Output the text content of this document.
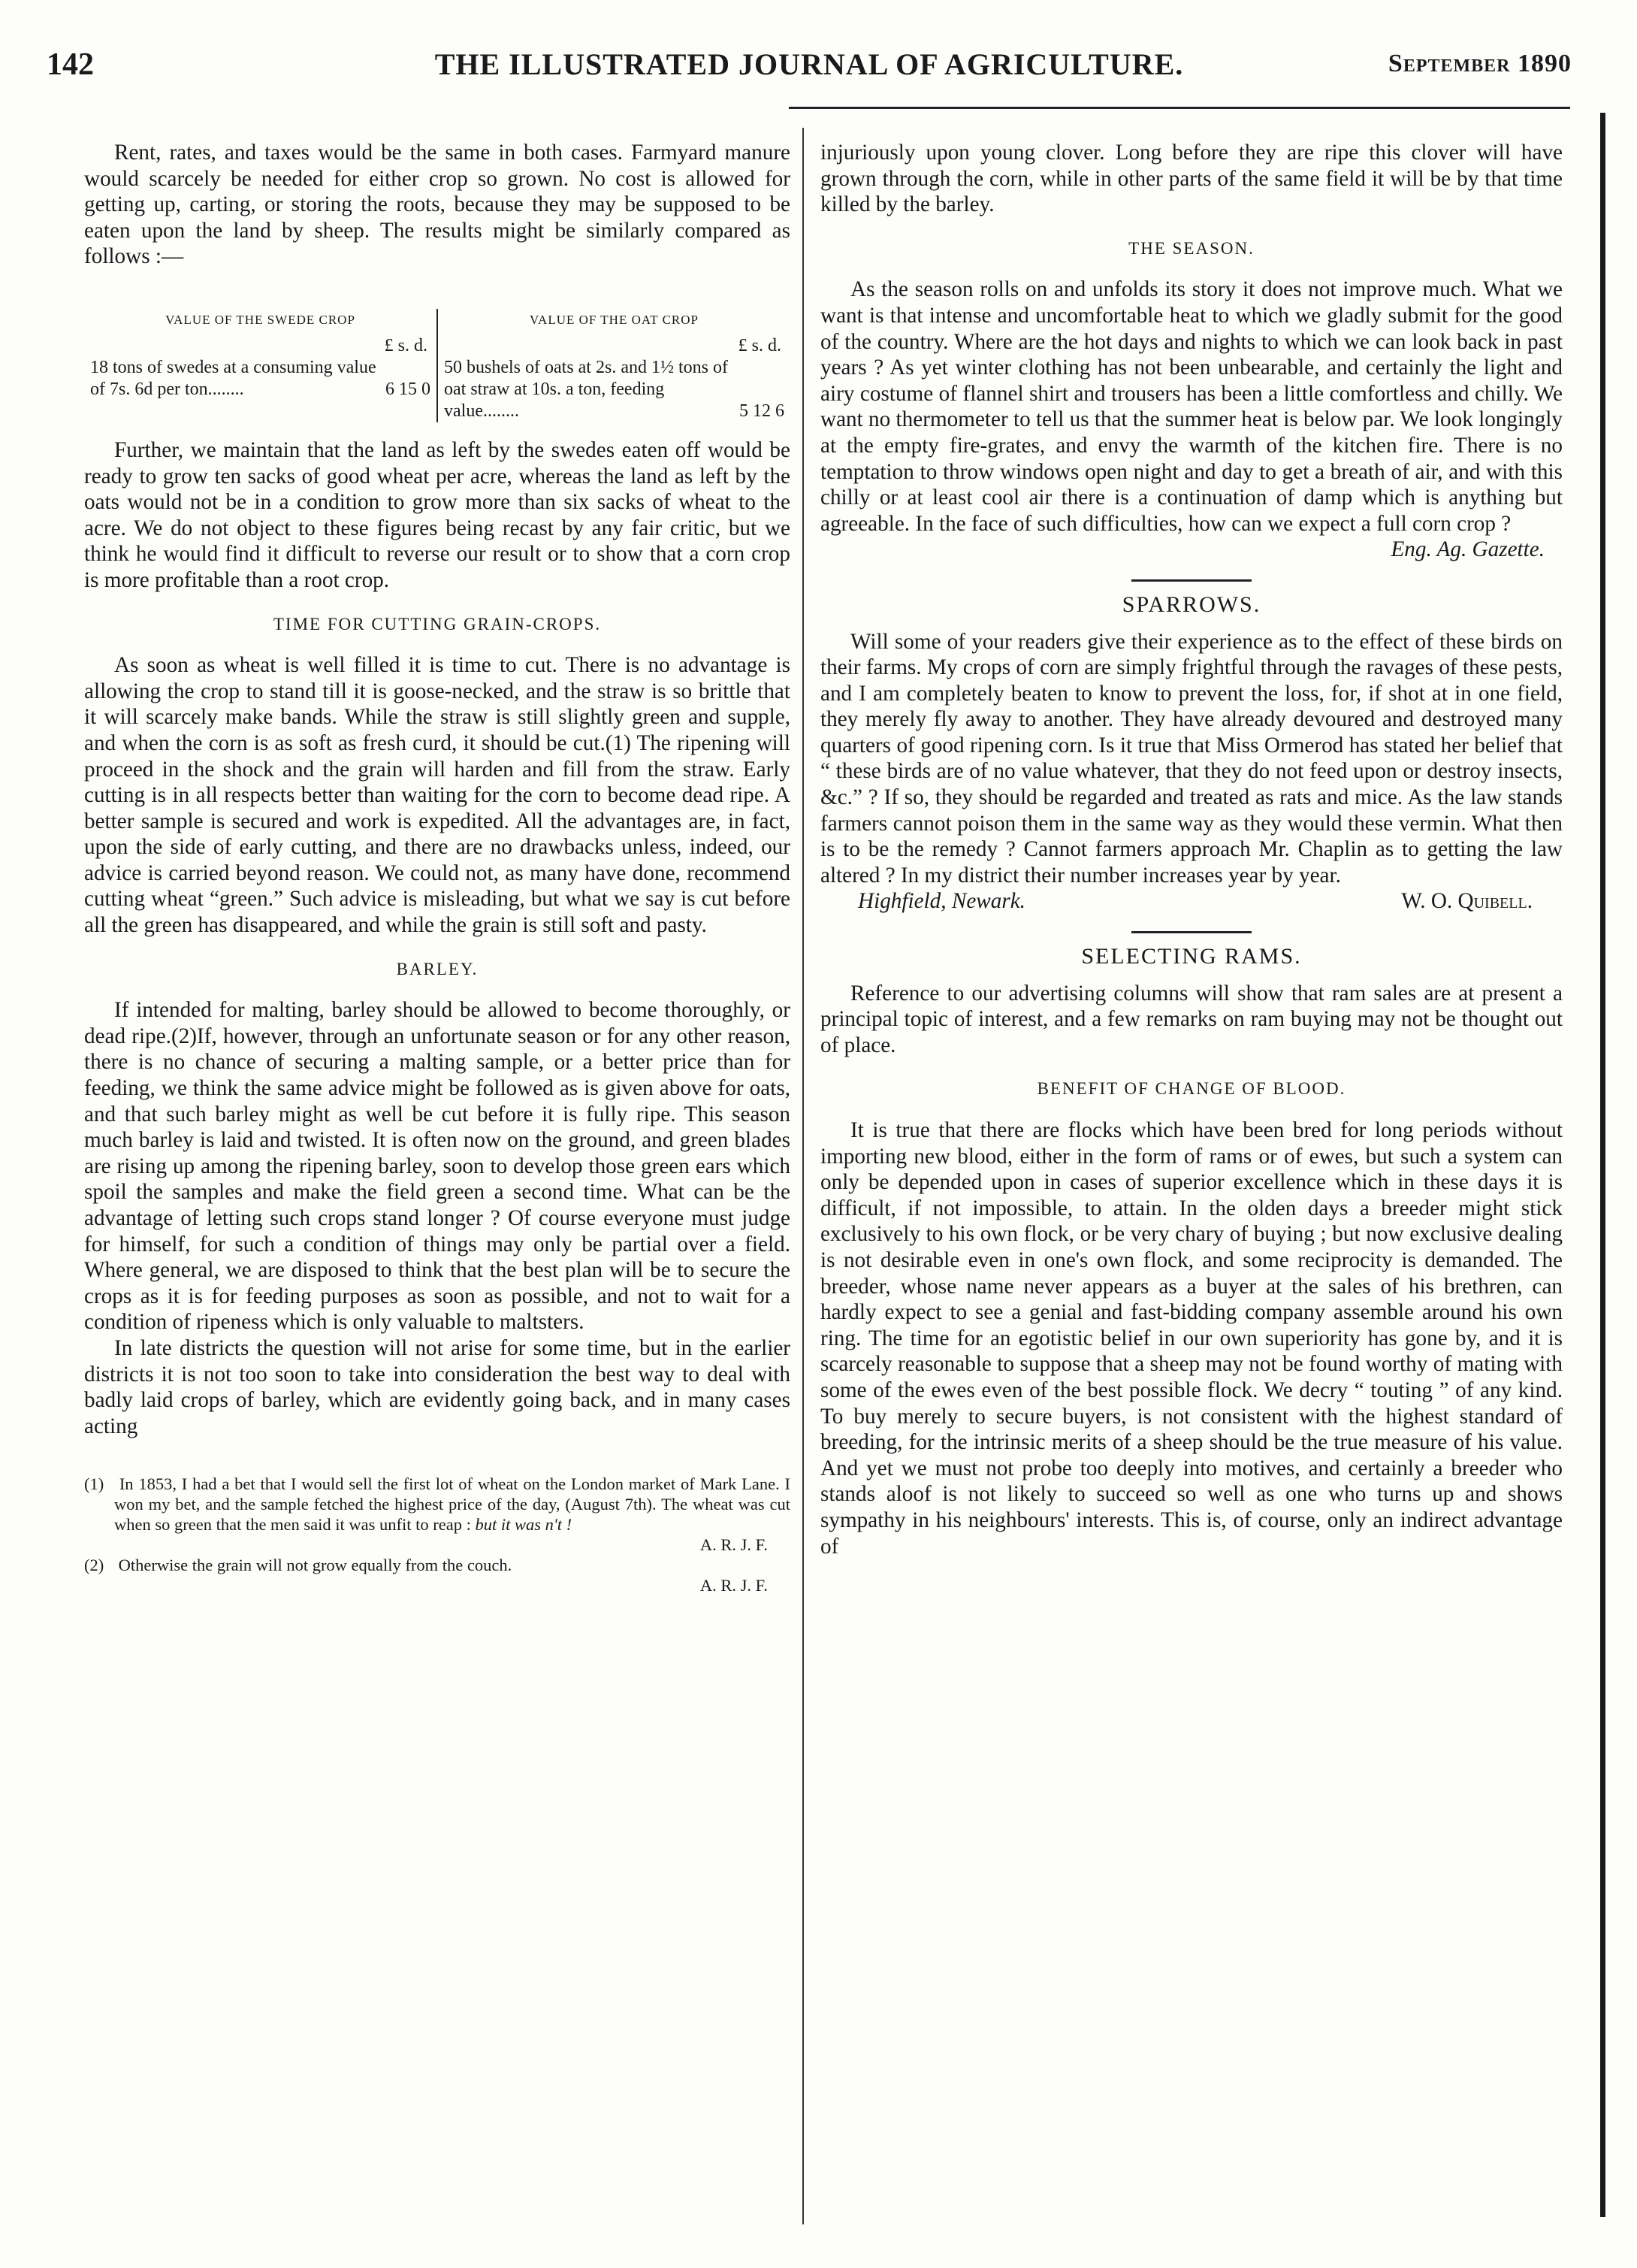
142	THE ILLUSTRATED JOURNAL OF AGRICULTURE.	September 1890

Rent, rates, and taxes would be the same in both cases. Farmyard manure would scarcely be needed for either crop so grown. No cost is allowed for getting up, carting, or storing the roots, because they may be supposed to be eaten upon the land by sheep. The results might be similarly compared as follows :—

VALUE OF THE SWEDE CROP
£ s. d.
18 tons of swedes at a consuming value of 7s. 6d per ton........	6 15 0
VALUE OF THE OAT CROP
£ s. d.
50 bushels of oats at 2s. and 1½ tons of oat straw at 10s. a ton, feeding value........	5 12 6

Further, we maintain that the land as left by the swedes eaten off would be ready to grow ten sacks of good wheat per acre, whereas the land as left by the oats would not be in a condition to grow more than six sacks of wheat to the acre. We do not object to these figures being recast by any fair critic, but we think he would find it difficult to reverse our result or to show that a corn crop is more profitable than a root crop.

TIME FOR CUTTING GRAIN-CROPS.

As soon as wheat is well filled it is time to cut. There is no advantage is allowing the crop to stand till it is goose-necked, and the straw is so brittle that it will scarcely make bands. While the straw is still slightly green and supple, and when the corn is as soft as fresh curd, it should be cut.(1) The ripening will proceed in the shock and the grain will harden and fill from the straw. Early cutting is in all respects better than waiting for the corn to become dead ripe. A better sample is secured and work is expedited. All the advantages are, in fact, upon the side of early cutting, and there are no drawbacks unless, indeed, our advice is carried beyond reason. We could not, as many have done, recommend cutting wheat “green.” Such advice is misleading, but what we say is cut before all the green has disappeared, and while the grain is still soft and pasty.

BARLEY.

If intended for malting, barley should be allowed to become thoroughly, or dead ripe.(2)If, however, through an unfortunate season or for any other reason, there is no chance of securing a malting sample, or a better price than for feeding, we think the same advice might be followed as is given above for oats, and that such barley might as well be cut before it is fully ripe. This season much barley is laid and twisted. It is often now on the ground, and green blades are rising up among the ripening barley, soon to develop those green ears which spoil the samples and make the field green a second time. What can be the advantage of letting such crops stand longer ? Of course everyone must judge for himself, for such a condition of things may only be partial over a field. Where general, we are disposed to think that the best plan will be to secure the crops as it is for feeding purposes as soon as possible, and not to wait for a condition of ripeness which is only valuable to maltsters.

In late districts the question will not arise for some time, but in the earlier districts it is not too soon to take into consideration the best way to deal with badly laid crops of barley, which are evidently going back, and in many cases acting

(1) In 1853, I had a bet that I would sell the first lot of wheat on the London market of Mark Lane. I won my bet, and the sample fetched the highest price of the day, (August 7th). The wheat was cut when so green that the men said it was unfit to reap : but it was n't !
A. R. J. F.
(2) Otherwise the grain will not grow equally from the couch.
A. R. J. F.

injuriously upon young clover. Long before they are ripe this clover will have grown through the corn, while in other parts of the same field it will be by that time killed by the barley.

THE SEASON.

As the season rolls on and unfolds its story it does not improve much. What we want is that intense and uncomfortable heat to which we gladly submit for the good of the country. Where are the hot days and nights to which we can look back in past years ? As yet winter clothing has not been unbearable, and certainly the light and airy costume of flannel shirt and trousers has been a little comfortless and chilly. We want no thermometer to tell us that the summer heat is below par. We look longingly at the empty fire-grates, and envy the warmth of the kitchen fire. There is no temptation to throw windows open night and day to get a breath of air, and with this chilly or at least cool air there is a continuation of damp which is anything but agreeable. In the face of such difficulties, how can we expect a full corn crop ?

Eng. Ag. Gazette.
SPARROWS.

Will some of your readers give their experience as to the effect of these birds on their farms. My crops of corn are simply frightful through the ravages of these pests, and I am completely beaten to know to prevent the loss, for, if shot at in one field, they merely fly away to another. They have already devoured and destroyed many quarters of good ripening corn. Is it true that Miss Ormerod has stated her belief that “ these birds are of no value whatever, that they do not feed upon or destroy insects, &c.” ? If so, they should be regarded and treated as rats and mice. As the law stands farmers cannot poison them in the same way as they would these vermin. What then is to be the remedy ? Cannot farmers approach Mr. Chaplin as to getting the law altered ? In my district their number increases year by year.

Highfield, Newark.	W. O. Quibell.
SELECTING RAMS.

Reference to our advertising columns will show that ram sales are at present a principal topic of interest, and a few remarks on ram buying may not be thought out of place.

BENEFIT OF CHANGE OF BLOOD.

It is true that there are flocks which have been bred for long periods without importing new blood, either in the form of rams or of ewes, but such a system can only be depended upon in cases of superior excellence which in these days it is difficult, if not impossible, to attain. In the olden days a breeder might stick exclusively to his own flock, or be very chary of buying ; but now exclusive dealing is not desirable even in one's own flock, and some reciprocity is demanded. The breeder, whose name never appears as a buyer at the sales of his brethren, can hardly expect to see a genial and fast-bidding company assemble around his own ring. The time for an egotistic belief in our own superiority has gone by, and it is scarcely reasonable to suppose that a sheep may not be found worthy of mating with some of the ewes even of the best possible flock. We decry “ touting ” of any kind. To buy merely to secure buyers, is not consistent with the highest standard of breeding, for the intrinsic merits of a sheep should be the true measure of his value. And yet we must not probe too deeply into motives, and certainly a breeder who stands aloof is not likely to succeed so well as one who turns up and shows sympathy in his neighbours' interests. This is, of course, only an indirect advantage of
